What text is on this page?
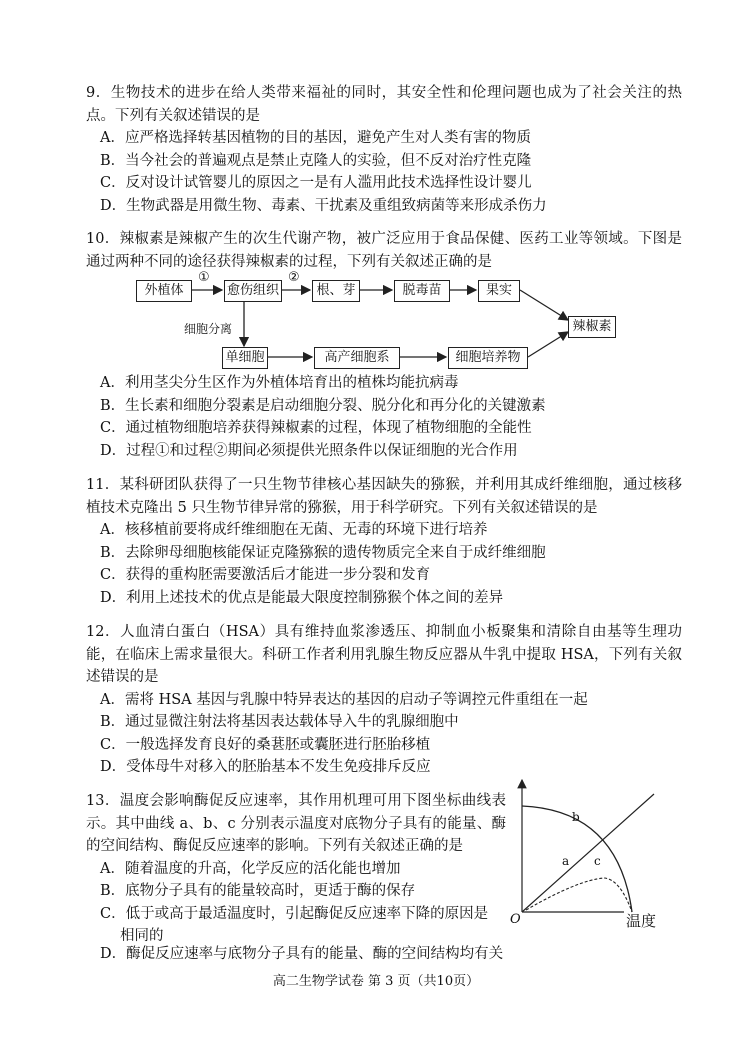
9．生物技术的进步在给人类带来福祉的同时，其安全性和伦理问题也成为了社会关注的热点。下列有关叙述错误的是

A．应严格选择转基因植物的目的基因，避免产生对人类有害的物质

B．当今社会的普遍观点是禁止克隆人的实验，但不反对治疗性克隆

C．反对设计试管婴儿的原因之一是有人滥用此技术选择性设计婴儿

D．生物武器是用微生物、毒素、干扰素及重组致病菌等来形成杀伤力

10．辣椒素是辣椒产生的次生代谢产物，被广泛应用于食品保健、医药工业等领域。下图是通过两种不同的途径获得辣椒素的过程，下列有关叙述正确的是

外植体
①
愈伤组织
②
根、芽	脱毒苗	果实
辣椒素
细胞分离
单细胞	高产细胞系	细胞培养物

A．利用茎尖分生区作为外植体培育出的植株均能抗病毒

B．生长素和细胞分裂素是启动细胞分裂、脱分化和再分化的关键激素

C．通过植物细胞培养获得辣椒素的过程，体现了植物细胞的全能性

D．过程①和过程②期间必须提供光照条件以保证细胞的光合作用

11．某科研团队获得了一只生物节律核心基因缺失的猕猴，并利用其成纤维细胞，通过核移植技术克隆出 5 只生物节律异常的猕猴，用于科学研究。下列有关叙述错误的是

A．核移植前要将成纤维细胞在无菌、无毒的环境下进行培养

B．去除卵母细胞核能保证克隆猕猴的遗传物质完全来自于成纤维细胞

C．获得的重构胚需要激活后才能进一步分裂和发育

D．利用上述技术的优点是能最大限度控制猕猴个体之间的差异

12．人血清白蛋白（HSA）具有维持血浆渗透压、抑制血小板聚集和清除自由基等生理功能，在临床上需求量很大。科研工作者利用乳腺生物反应器从牛乳中提取 HSA，下列有关叙述错误的是

A．需将 HSA 基因与乳腺中特异表达的基因的启动子等调控元件重组在一起

B．通过显微注射法将基因表达载体导入牛的乳腺细胞中

C．一般选择发育良好的桑葚胚或囊胚进行胚胎移植

D．受体母牛对移入的胚胎基本不发生免疫排斥反应

13．温度会影响酶促反应速率，其作用机理可用下图坐标曲线表示。其中曲线 a、b、c 分别表示温度对底物分子具有的能量、酶的空间结构、酶促反应速率的影响。下列有关叙述正确的是

A．随着温度的升高，化学反应的活化能也增加

B．底物分子具有的能量较高时，更适于酶的保存

C．低于或高于最适温度时，引起酶促反应速率下降的原因是
相同的

D．酶促反应速率与底物分子具有的能量、酶的空间结构均有关

O	温度
a
b
c
高二生物学试卷 第 3 页（共10页）
